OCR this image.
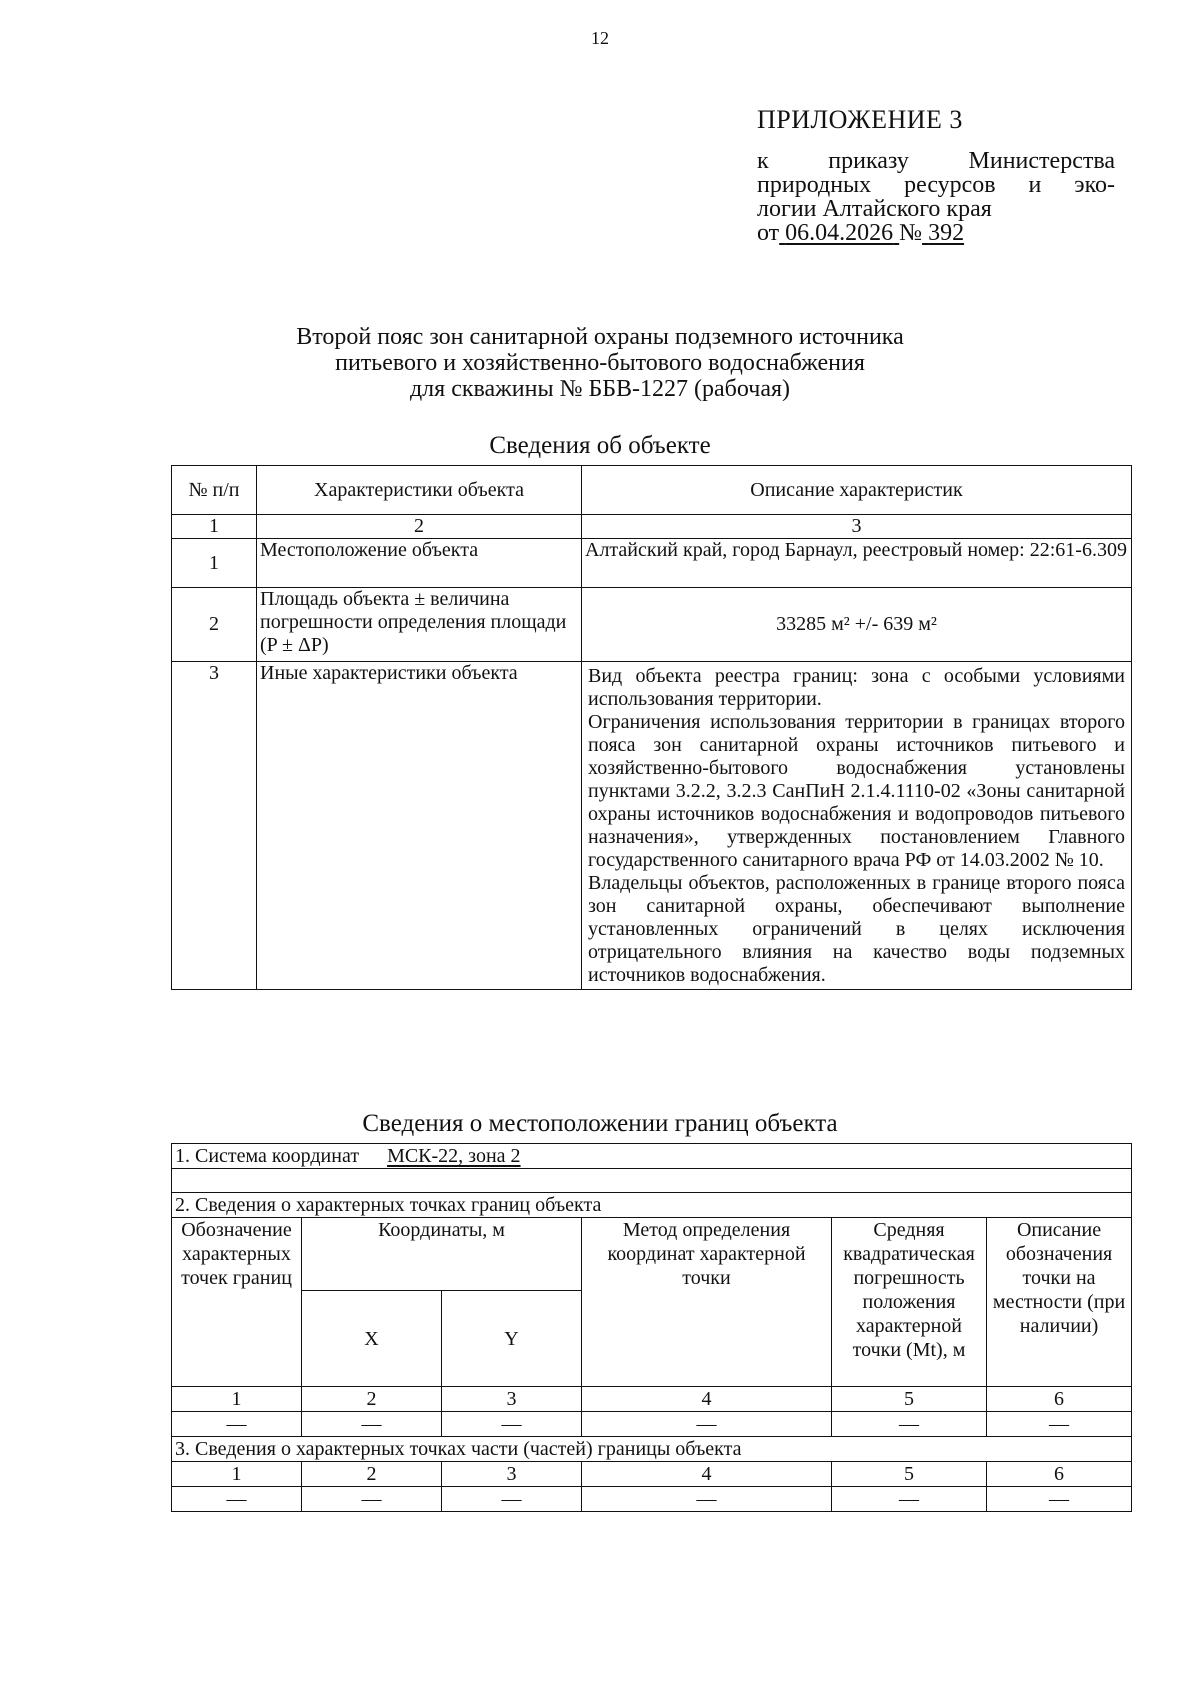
12
ПРИЛОЖЕНИЕ 3
к приказу Министерства
природных ресурсов и эко-
логии Алтайского края
от 06.04.2026 № 392
Второй пояс зон санитарной охраны подземного источника
питьевого и хозяйственно-бытового водоснабжения
для скважины № ББВ-1227 (рабочая)
Сведения об объекте
№ п/п	Характеристики объекта	Описание характеристик
1	2	3
1	Местоположение объекта	Алтайский край, город Барнаул, реестровый номер: 22:61-6.309
2	Площадь объекта ± величина погрешности определения площади (P ± ΔP)	33285 м² +/- 639 м²
3	Иные характеристики объекта	Вид объекта реестра границ: зона с особыми условиями использования территории.
Ограничения использования территории в границах второго пояса зон санитарной охраны источников питьевого и хозяйственно-бытового водоснабжения установлены пунктами 3.2.2, 3.2.3 СанПиН 2.1.4.1110-02 «Зоны санитарной охраны источников водоснабжения и водопроводов питьевого назначения», утвержденных постановлением Главного государственного санитарного врача РФ от 14.03.2002 № 10.
Владельцы объектов, расположенных в границе второго пояса зон санитарной охраны, обеспечивают выполнение установленных ограничений в целях исключения отрицательного влияния на качество воды подземных источников водоснабжения.
Сведения о местоположении границ объекта
1. Система координат МСК-22, зона 2					

2. Сведения о характерных точках границ объекта					
Обозначение характерных точек границ	Координаты, м		Метод определения координат характерной точки	Средняя квадратическая погрешность положения характерной точки (Mt), м	Описание обозначения точки на местности (при наличии)
	X	Y			
1	2	3	4	5	6
—	—	—	—	—	—
3. Сведения о характерных точках части (частей) границы объекта					
1	2	3	4	5	6
—	—	—	—	—	—
